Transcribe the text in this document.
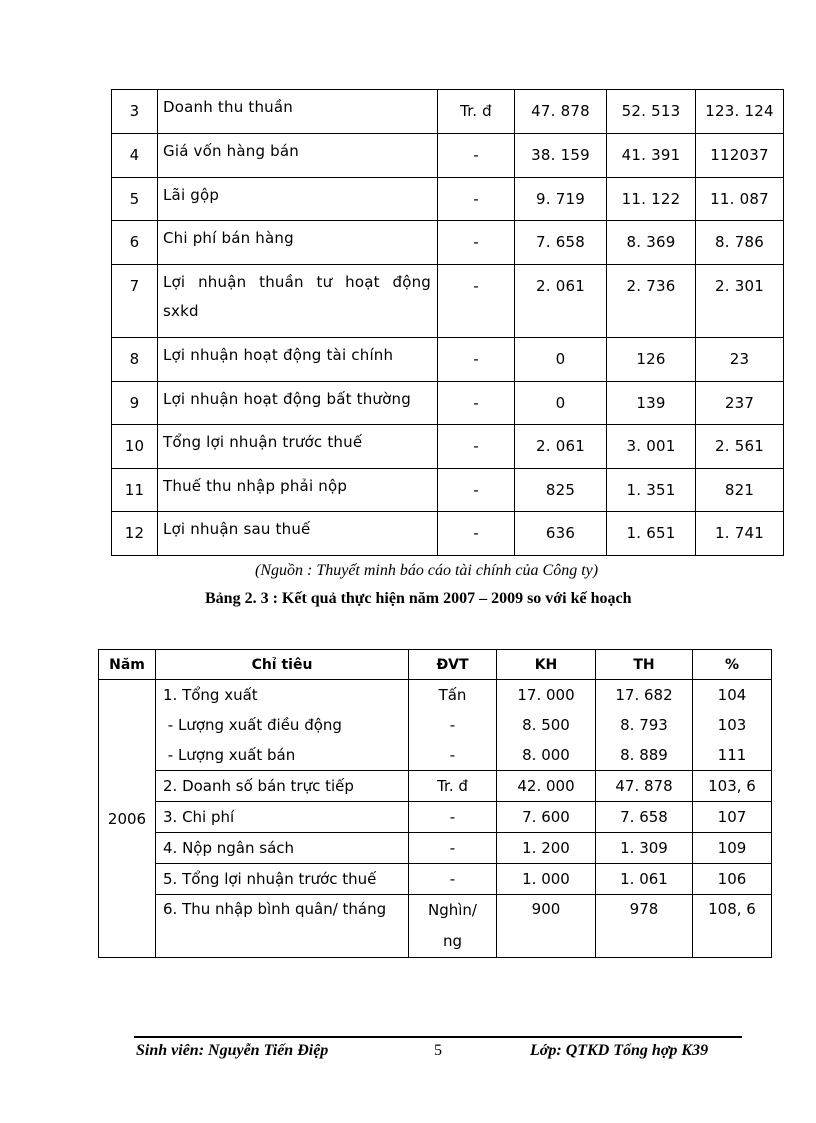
3	Doanh thu thuần	Tr. đ	47. 878	52. 513	123. 124

4	Giá vốn hàng bán	-	38. 159	41. 391	112037

5	Lãi gộp	-	9. 719	11. 122	11. 087

6	Chi phí bán hàng	-	7. 658	8. 369	8. 786

7	Lợi nhuận thuần tư hoạt động sxkd	-	2. 061	2. 736	2. 301

8	Lợi nhuận hoạt động tài chính	-	0	126	23

9	Lợi nhuận hoạt động bất thường	-	0	139	237

10	Tổng lợi nhuận trước thuế	-	2. 061	3. 001	2. 561

11	Thuế thu nhập phải nộp	-	825	1. 351	821

12	Lợi nhuận sau thuế	-	636	1. 651	1. 741
(Nguồn : Thuyết minh báo cáo tài chính của Công ty)
Bảng 2. 3 : Kết quả thực hiện năm 2007 – 2009 so với kế hoạch
Năm	Chỉ tiêu	ĐVT	KH	TH	%
2006	1. Tổng xuất	Tấn	17. 000	17. 682	104
	- Lượng xuất điều động	-	8. 500	8. 793	103
	- Lượng xuất bán	-	8. 000	8. 889	111
	2. Doanh số bán trực tiếp	Tr. đ	42. 000	47. 878	103, 6
	3. Chi phí	-	7. 600	7. 658	107
	4. Nộp ngân sách	-	1. 200	1. 309	109
	5. Tổng lợi nhuận trước thuế	-	1. 000	1. 061	106
	6. Thu nhập bình quân/ tháng	Nghìn/ ng	900	978	108, 6
Sinh viên: Nguyễn Tiến Điệp	5	Lớp: QTKD Tổng hợp K39
